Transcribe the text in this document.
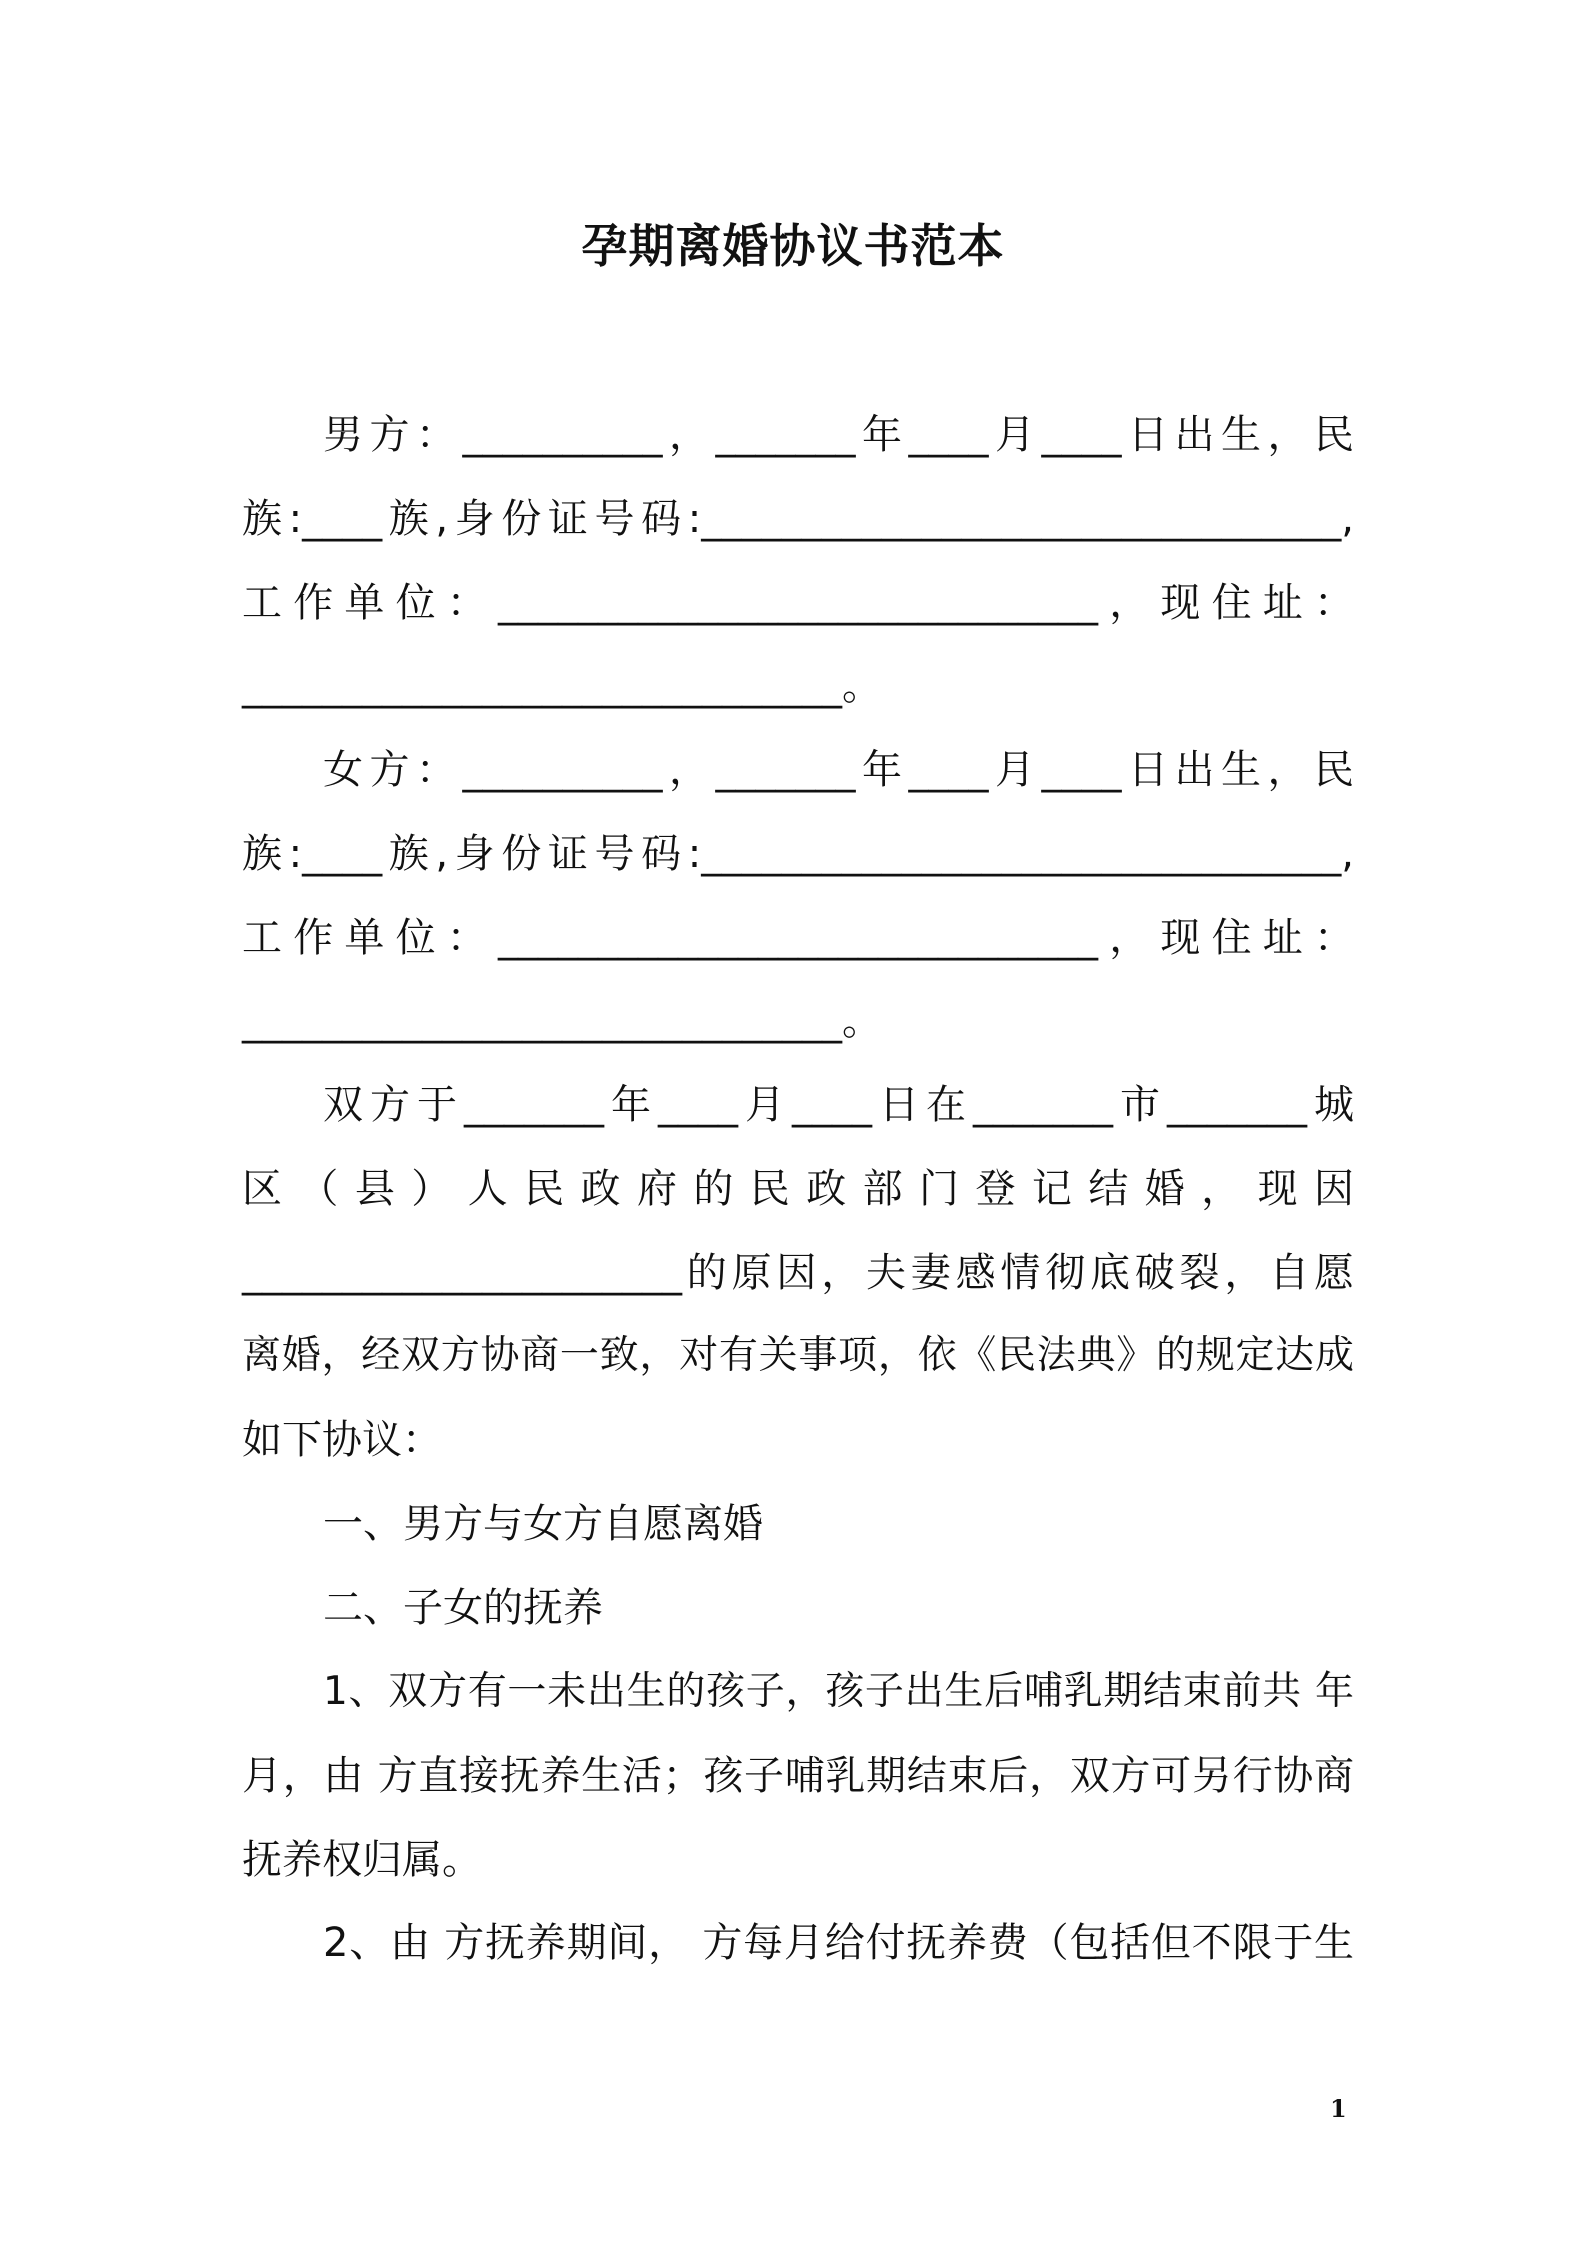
孕期离婚协议书范本
男方：__________，_______年____月____日出生，民
族:____族,身份证号码:________________________________,
工作单位：______________________________，现住址：
______________________________。
女方：__________，_______年____月____日出生，民
族:____族,身份证号码:________________________________,
工作单位：______________________________，现住址：
______________________________。
双方于_______年____月____日在_______市_______城
区（县）人民政府的民政部门登记结婚，现因
______________________的原因，夫妻感情彻底破裂，自愿
离婚，经双方协商一致，对有关事项，依《民法典》的规定达成
如下协议：
一、男方与女方自愿离婚
二、子女的抚养
1、双方有一未出生的孩子，孩子出生后哺乳期结束前共 年
月，由 方直接抚养生活；孩子哺乳期结束后，双方可另行协商
抚养权归属。
2、由 方抚养期间， 方每月给付抚养费（包括但不限于生
1
